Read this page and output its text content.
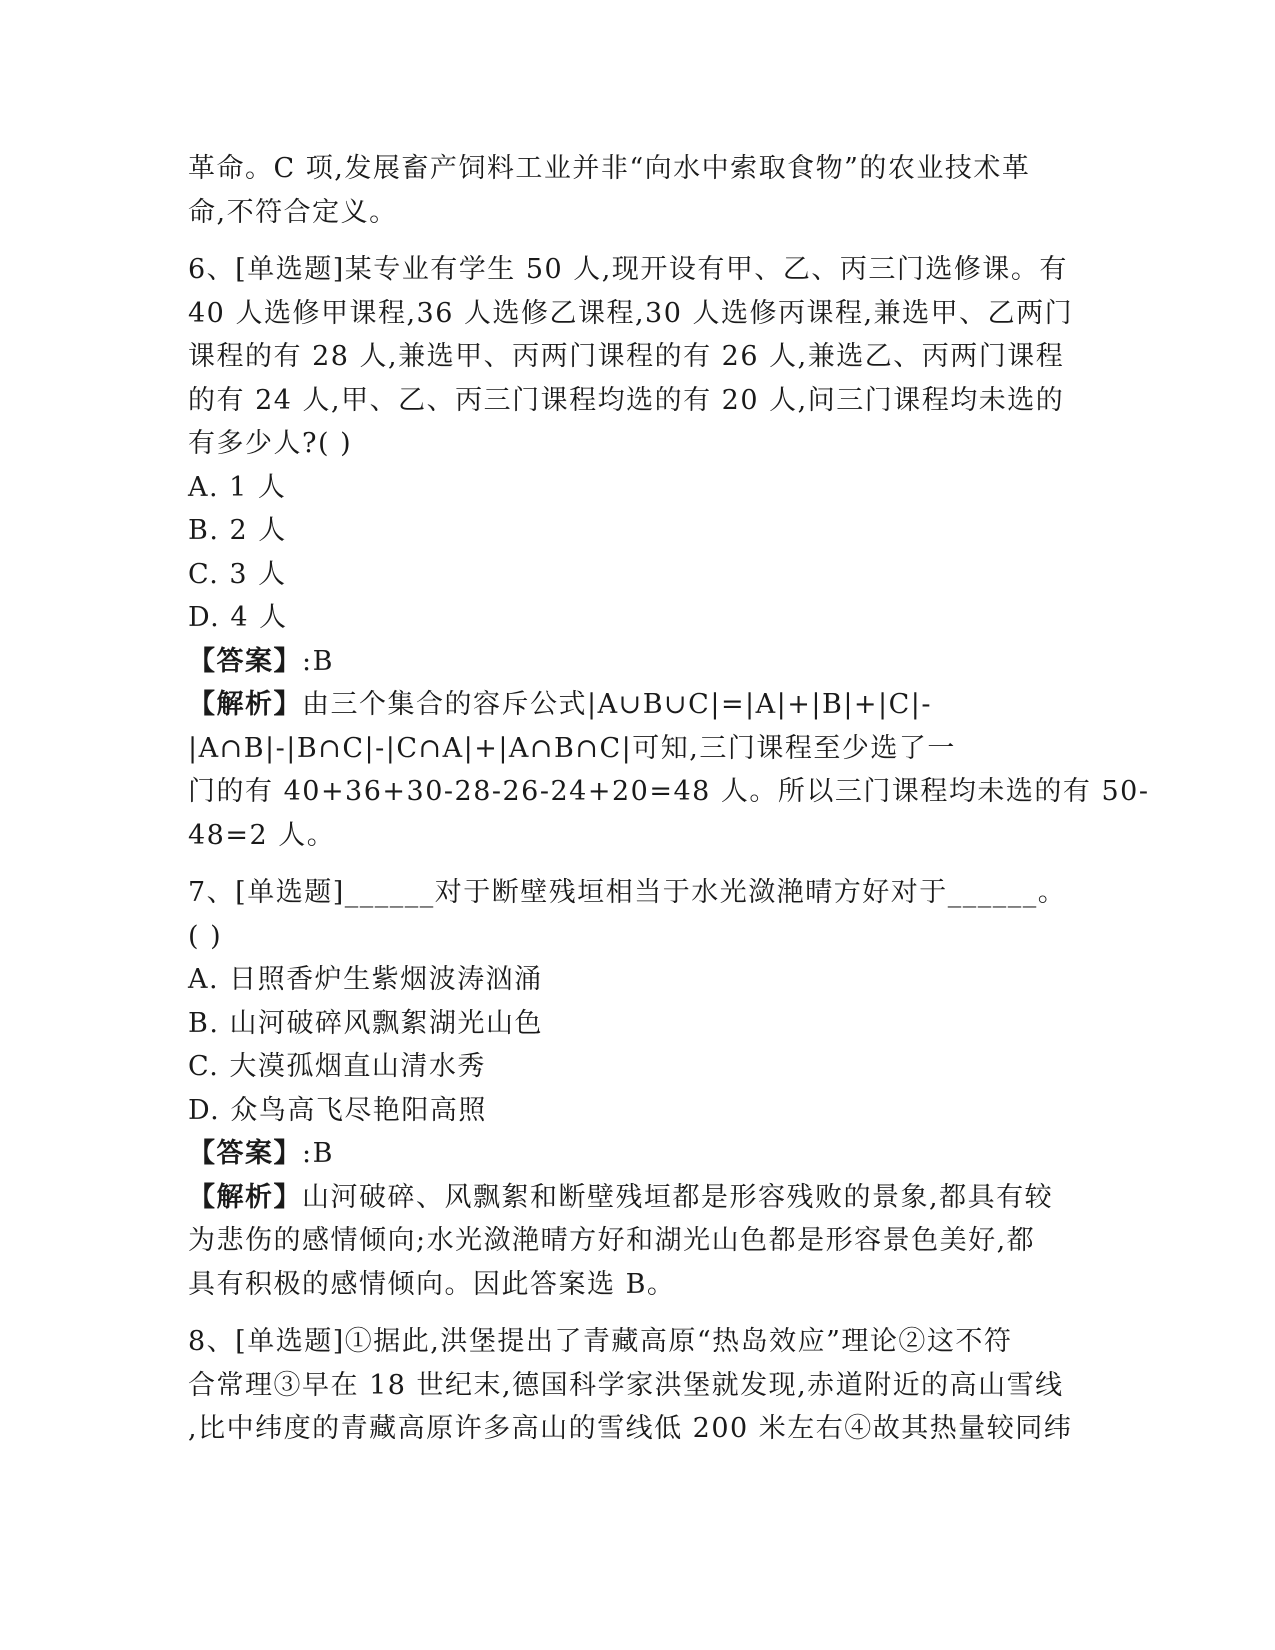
革命。C 项,发展畜产饲料工业并非“向水中索取食物”的农业技术革
命,不符合定义。
6、[单选题]某专业有学生 50 人,现开设有甲、乙、丙三门选修课。有
40 人选修甲课程,36 人选修乙课程,30 人选修丙课程,兼选甲、乙两门
课程的有 28 人,兼选甲、丙两门课程的有 26 人,兼选乙、丙两门课程
的有 24 人,甲、乙、丙三门课程均选的有 20 人,问三门课程均未选的
有多少人?( )
A. 1 人
B. 2 人
C. 3 人
D. 4 人
【答案】:B
【解析】由三个集合的容斥公式|A∪B∪C|=|A|+|B|+|C|-
|A∩B|-|B∩C|-|C∩A|+|A∩B∩C|可知,三门课程至少选了一
门的有 40+36+30-28-26-24+20=48 人。所以三门课程均未选的有 50-
48=2 人。
7、[单选题]______对于断壁残垣相当于水光潋滟晴方好对于______。
( )
A. 日照香炉生紫烟波涛汹涌
B. 山河破碎风飘絮湖光山色
C. 大漠孤烟直山清水秀
D. 众鸟高飞尽艳阳高照
【答案】:B
【解析】山河破碎、风飘絮和断壁残垣都是形容残败的景象,都具有较
为悲伤的感情倾向;水光潋滟晴方好和湖光山色都是形容景色美好,都
具有积极的感情倾向。因此答案选 B。
8、[单选题]①据此,洪堡提出了青藏高原“热岛效应”理论②这不符
合常理③早在 18 世纪末,德国科学家洪堡就发现,赤道附近的高山雪线
,比中纬度的青藏高原许多高山的雪线低 200 米左右④故其热量较同纬
